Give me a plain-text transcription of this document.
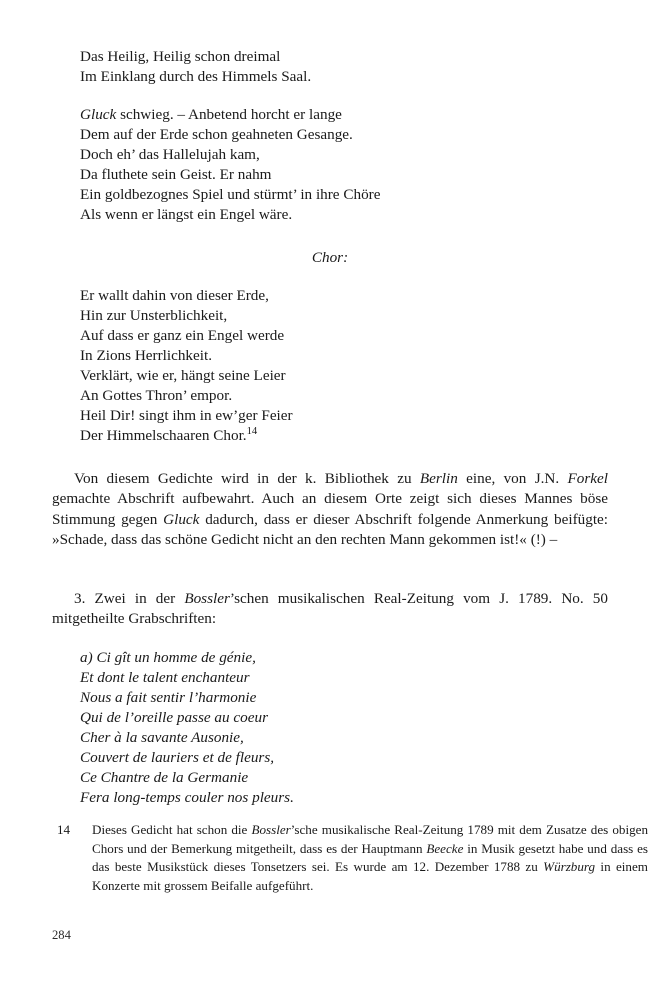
Das Heilig, Heilig schon dreimal
Im Einklang durch des Himmels Saal.
Gluck schwieg. – Anbetend horcht er lange
Dem auf der Erde schon geahneten Gesange.
Doch eh’ das Hallelujah kam,
Da fluthete sein Geist. Er nahm
Ein goldbezognes Spiel und stürmt’ in ihre Chöre
Als wenn er längst ein Engel wäre.
Chor:
Er wallt dahin von dieser Erde,
Hin zur Unsterblichkeit,
Auf dass er ganz ein Engel werde
In Zions Herrlichkeit.
Verklärt, wie er, hängt seine Leier
An Gottes Thron’ empor.
Heil Dir! singt ihm in ew’ger Feier
Der Himmelschaaren Chor.$^{14}$

Von diesem Gedichte wird in der k. Bibliothek zu Berlin eine, von J.N. Forkel gemachte Abschrift aufbewahrt. Auch an diesem Orte zeigt sich dieses Mannes böse Stimmung gegen Gluck dadurch, dass er dieser Abschrift folgende Anmerkung beifügte: »Schade, dass das schöne Gedicht nicht an den rechten Mann gekommen ist!« (!) –

3. Zwei in der Bossler’schen musikalischen Real-Zeitung vom J. 1789. No. 50 mitgetheilte Grabschriften:

a) Ci gît un homme de génie,
Et dont le talent enchanteur
Nous a fait sentir l’harmonie
Qui de l’oreille passe au coeur
Cher à la savante Ausonie,
Couvert de lauriers et de fleurs,
Ce Chantre de la Germanie
Fera long-temps couler nos pleurs.
14 Dieses Gedicht hat schon die Bossler’sche musikalische Real-Zeitung 1789 mit dem Zusatze des obigen Chors und der Bemerkung mitgetheilt, dass es der Hauptmann Beecke in Musik gesetzt habe und dass es das beste Musikstück dieses Tonsetzers sei. Es wurde am 12. Dezember 1788 zu Würzburg in einem Konzerte mit grossem Beifalle aufgeführt.
284
